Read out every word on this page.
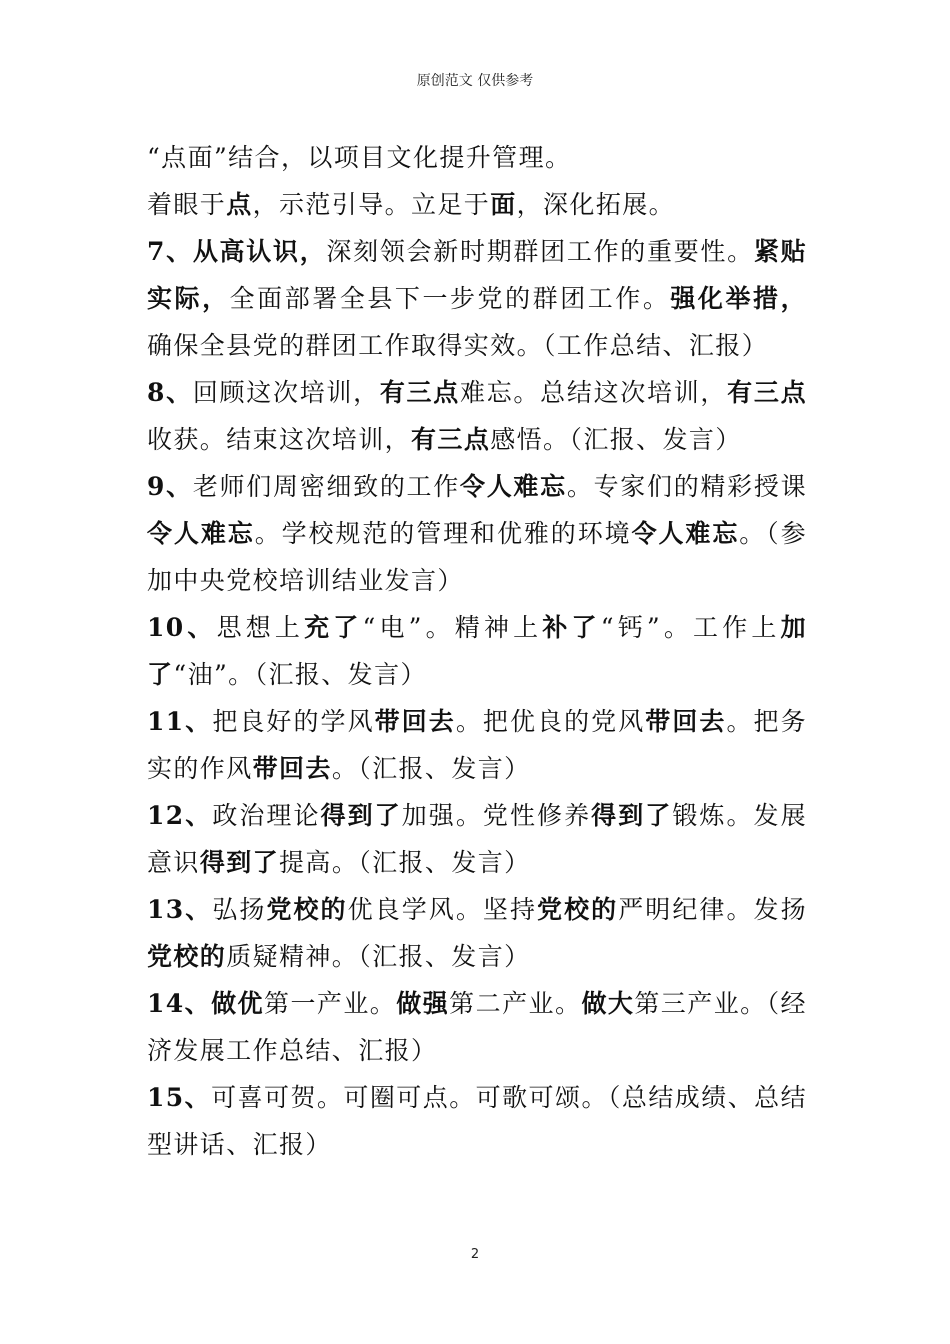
原创范文 仅供参考

“点面”结合，以项目文化提升管理。

着眼于点，示范引导。立足于面，深化拓展。

7、从高认识，深刻领会新时期群团工作的重要性。紧贴实际，全面部署全县下一步党的群团工作。强化举措，确保全县党的群团工作取得实效。（工作总结、汇报）

8、回顾这次培训，有三点难忘。总结这次培训，有三点收获。结束这次培训，有三点感悟。（汇报、发言）

9、老师们周密细致的工作令人难忘。专家们的精彩授课令人难忘。学校规范的管理和优雅的环境令人难忘。（参加中央党校培训结业发言）

10、思想上充了“电”。精神上补了“钙”。工作上加了“油”。（汇报、发言）

11、把良好的学风带回去。把优良的党风带回去。把务实的作风带回去。（汇报、发言）

12、政治理论得到了加强。党性修养得到了锻炼。发展意识得到了提高。（汇报、发言）

13、弘扬党校的优良学风。坚持党校的严明纪律。发扬党校的质疑精神。（汇报、发言）

14、做优第一产业。做强第二产业。做大第三产业。（经济发展工作总结、汇报）

15、可喜可贺。可圈可点。可歌可颂。（总结成绩、总结型讲话、汇报）

2
